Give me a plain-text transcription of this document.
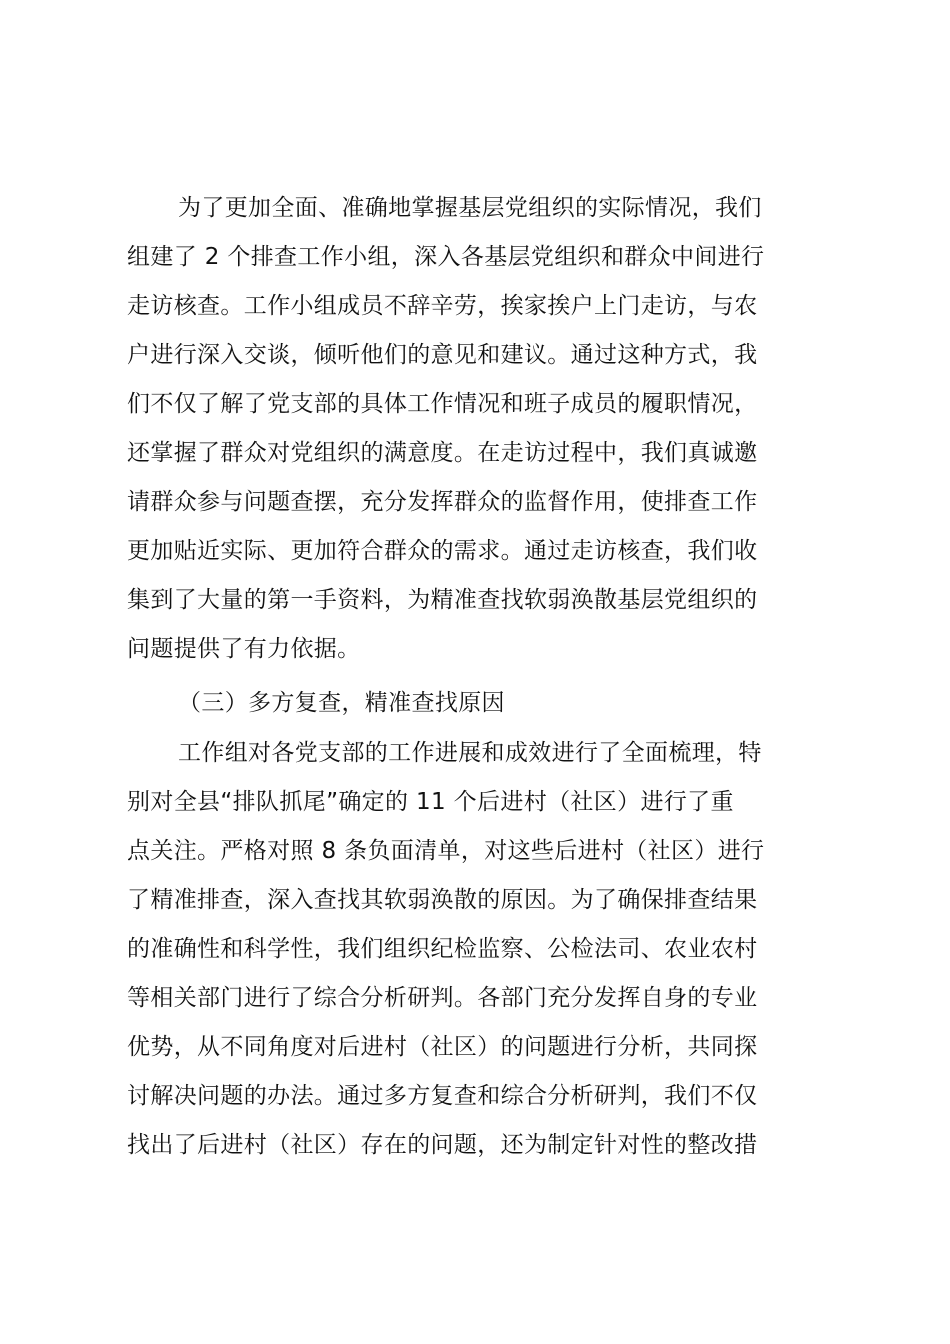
为了更加全面、准确地掌握基层党组织的实际情况，我们
组建了 2 个排查工作小组，深入各基层党组织和群众中间进行
走访核查。工作小组成员不辞辛劳，挨家挨户上门走访，与农
户进行深入交谈，倾听他们的意见和建议。通过这种方式，我
们不仅了解了党支部的具体工作情况和班子成员的履职情况，
还掌握了群众对党组织的满意度。在走访过程中，我们真诚邀
请群众参与问题查摆，充分发挥群众的监督作用，使排查工作
更加贴近实际、更加符合群众的需求。通过走访核查，我们收
集到了大量的第一手资料，为精准查找软弱涣散基层党组织的
问题提供了有力依据。
（三）多方复查，精准查找原因
工作组对各党支部的工作进展和成效进行了全面梳理，特
别对全县“排队抓尾”确定的 11 个后进村（社区）进行了重
点关注。严格对照 8 条负面清单，对这些后进村（社区）进行
了精准排查，深入查找其软弱涣散的原因。为了确保排查结果
的准确性和科学性，我们组织纪检监察、公检法司、农业农村
等相关部门进行了综合分析研判。各部门充分发挥自身的专业
优势，从不同角度对后进村（社区）的问题进行分析，共同探
讨解决问题的办法。通过多方复查和综合分析研判，我们不仅
找出了后进村（社区）存在的问题，还为制定针对性的整改措
